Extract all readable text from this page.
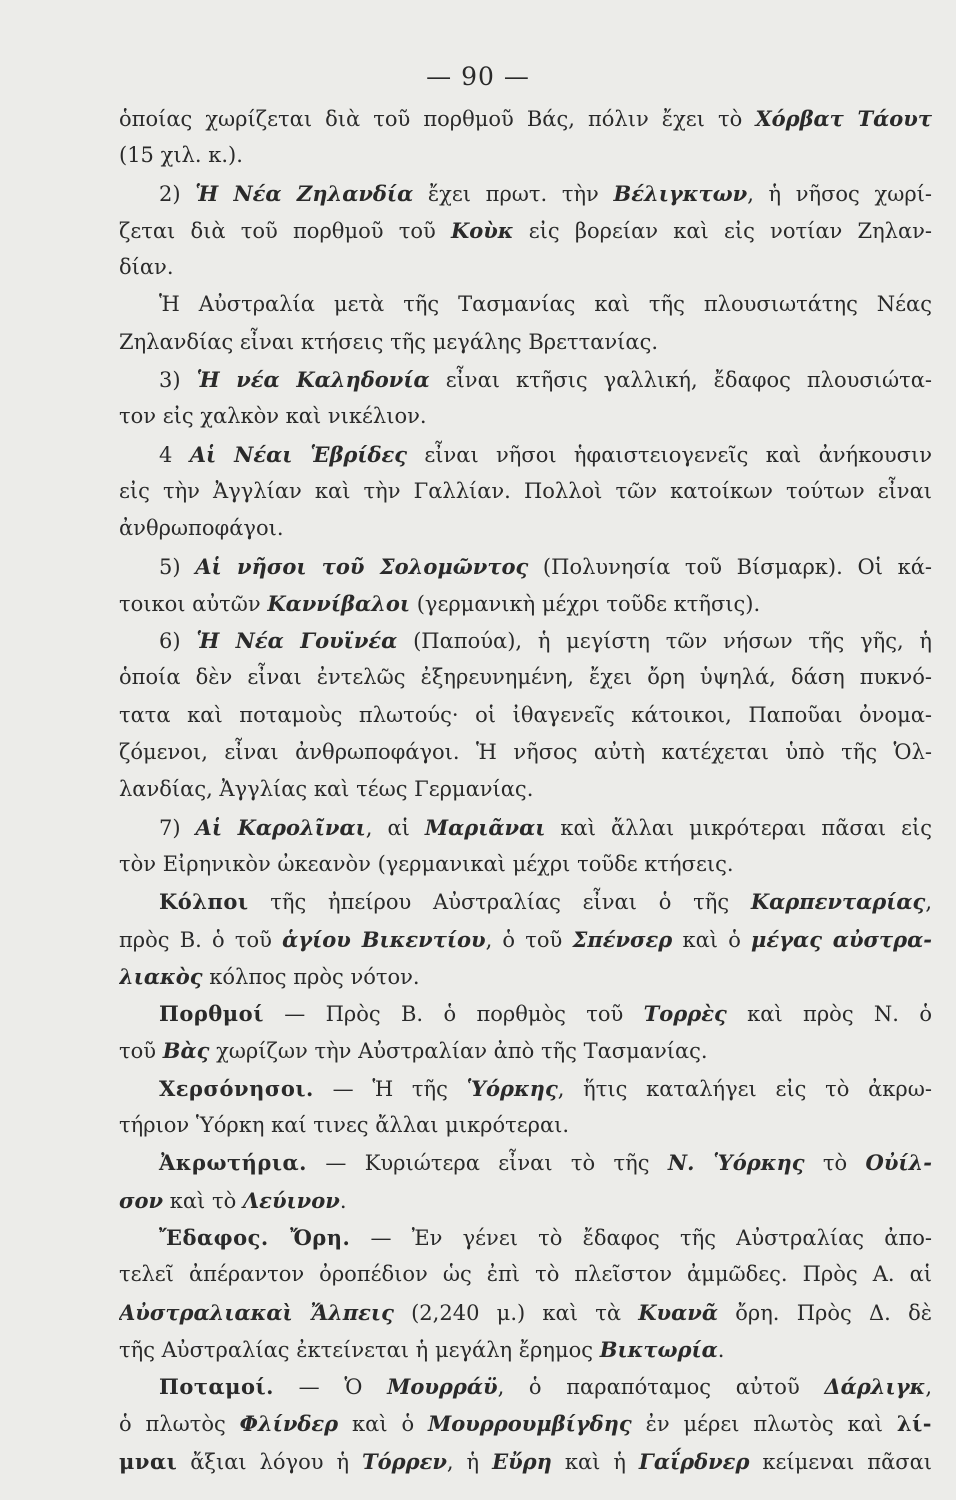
— 90 —
ὁποίας χωρίζεται διὰ τοῦ πορθμοῦ Βάς, πόλιν ἔχει τὸ Χόρβατ Τάουτ
(15 χιλ. κ.).
2) Ἡ Νέα Ζηλανδία ἔχει πρωτ. τὴν Βέλιγκτων, ἡ νῆσος χωρί-
ζεται διὰ τοῦ πορθμοῦ τοῦ Κοὺκ εἰς βορείαν καὶ εἰς νοτίαν Ζηλαν-
δίαν.
Ἡ Αὐστραλία μετὰ τῆς Τασμανίας καὶ τῆς πλουσιωτάτης Νέας
Ζηλανδίας εἶναι κτήσεις τῆς μεγάλης Βρεττανίας.
3) Ἡ νέα Καληδονία εἶναι κτῆσις γαλλική, ἔδαφος πλουσιώτα-
τον εἰς χαλκὸν καὶ νικέλιον.
4 Αἱ Νέαι Ἑβρίδες εἶναι νῆσοι ἡφαιστειογενεῖς καὶ ἀνήκουσιν
εἰς τὴν Ἀγγλίαν καὶ τὴν Γαλλίαν. Πολλοὶ τῶν κατοίκων τούτων εἶναι
ἀνθρωποφάγοι.
5) Αἱ νῆσοι τοῦ Σολομῶντος (Πολυνησία τοῦ Βίσμαρκ). Οἱ κά-
τοικοι αὐτῶν Καννίβαλοι (γερμανικὴ μέχρι τοῦδε κτῆσις).
6) Ἡ Νέα Γουϊνέα (Παπούα), ἡ μεγίστη τῶν νήσων τῆς γῆς, ἡ
ὁποία δὲν εἶναι ἐντελῶς ἐξηρευνημένη, ἔχει ὄρη ὑψηλά, δάση πυκνό-
τατα καὶ ποταμοὺς πλωτούς· οἱ ἰθαγενεῖς κάτοικοι, Παποῦαι ὀνομα-
ζόμενοι, εἶναι ἀνθρωποφάγοι. Ἡ νῆσος αὐτὴ κατέχεται ὑπὸ τῆς Ὁλ-
λανδίας, Ἀγγλίας καὶ τέως Γερμανίας.
7) Αἱ Καρολῖναι, αἱ Μαριᾶναι καὶ ἄλλαι μικρότεραι πᾶσαι εἰς
τὸν Εἰρηνικὸν ὠκεανὸν (γερμανικαὶ μέχρι τοῦδε κτήσεις.
Κόλποι τῆς ἠπείρου Αὐστραλίας εἶναι ὁ τῆς Καρπενταρίας,
πρὸς Β. ὁ τοῦ ἁγίου Βικεντίου, ὁ τοῦ Σπένσερ καὶ ὁ μέγας αὐστρα-
λιακὸς κόλπος πρὸς νότον.
Πορθμοί — Πρὸς Β. ὁ πορθμὸς τοῦ Τορρὲς καὶ πρὸς Ν. ὁ
τοῦ Βὰς χωρίζων τὴν Αὐστραλίαν ἀπὸ τῆς Τασμανίας.
Χερσόνησοι. — Ἡ τῆς Ὑόρκης, ἥτις καταλήγει εἰς τὸ ἀκρω-
τήριον Ὑόρκη καί τινες ἄλλαι μικρότεραι.
Ἀκρωτήρια. — Κυριώτερα εἶναι τὸ τῆς Ν. Ὑόρκης τὸ Οὐίλ-
σον καὶ τὸ Λεύινον.
Ἔδαφος. Ὄρη. — Ἐν γένει τὸ ἔδαφος τῆς Αὐστραλίας ἀπο-
τελεῖ ἀπέραντον ὀροπέδιον ὡς ἐπὶ τὸ πλεῖστον ἀμμῶδες. Πρὸς Α. αἱ
Αὐστραλιακαὶ Ἄλπεις (2,240 μ.) καὶ τὰ Κυανᾶ ὄρη. Πρὸς Δ. δὲ
τῆς Αὐστραλίας ἐκτείνεται ἡ μεγάλη ἔρημος Βικτωρία.
Ποταμοί. — Ὁ Μουρράϋ, ὁ παραπόταμος αὐτοῦ Δάρλιγκ,
ὁ πλωτὸς Φλίνδερ καὶ ὁ Μουρρουμβίγδης ἐν μέρει πλωτὸς καὶ λί-
μναι ἄξιαι λόγου ἡ Τόρρεν, ἡ Εὔρη καὶ ἡ Γαΐρδνερ κείμεναι πᾶσαι
